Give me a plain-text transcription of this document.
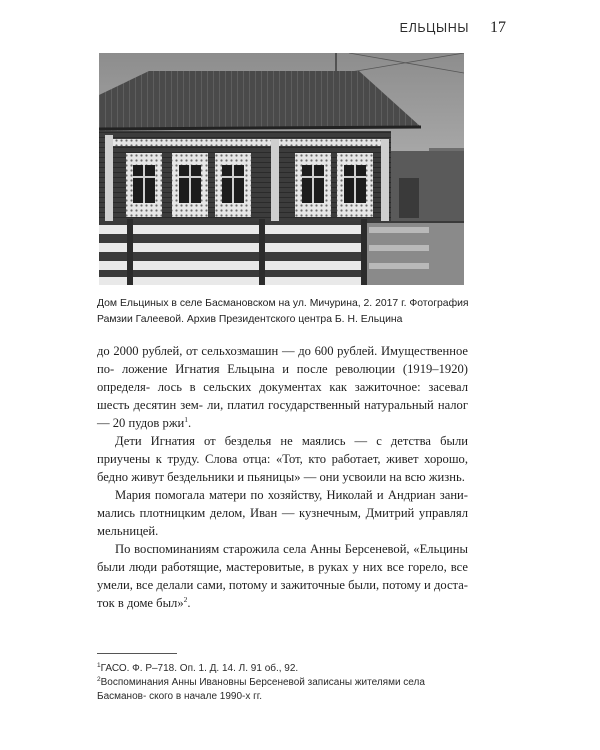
ЕЛЬЦЫНЫ 17

Дом Ельциных в селе Басмановском на ул. Мичурина, 2. 2017 г. Фотография

Рамзии Галеевой. Архив Президентского центра Б. Н. Ельцина

до 2000 рублей, от сельхозмашин — до 600 рублей. Имущественное по- ложение Игнатия Ельцына и после революции (1919–1920) определя- лось в сельских документах как зажиточное: засевал шесть десятин зем- ли, платил государственный натуральный налог — 20 пудов ржи$^1$.

Дети Игнатия от безделья не маялись — с детства были приучены к труду. Слова отца: «Тот, кто работает, живет хорошо, бедно живут бездельники и пьяницы» — они усвоили на всю жизнь.

Мария помогала матери по хозяйству, Николай и Андриан зани- мались плотницким делом, Иван — кузнечным, Дмитрий управлял мельницей.

По воспоминаниям старожила села Анны Берсеневой, «Ельцины были люди работящие, мастеровитые, в руках у них все горело, все умели, все делали сами, потому и зажиточные были, потому и доста- ток в доме был»$^2$.

$^1$ГАСО. Ф. Р–718. Оп. 1. Д. 14. Л. 91 об., 92.

$^2$Воспоминания Анны Ивановны Берсеневой записаны жителями села Басманов- ского в начале 1990-х гг.
